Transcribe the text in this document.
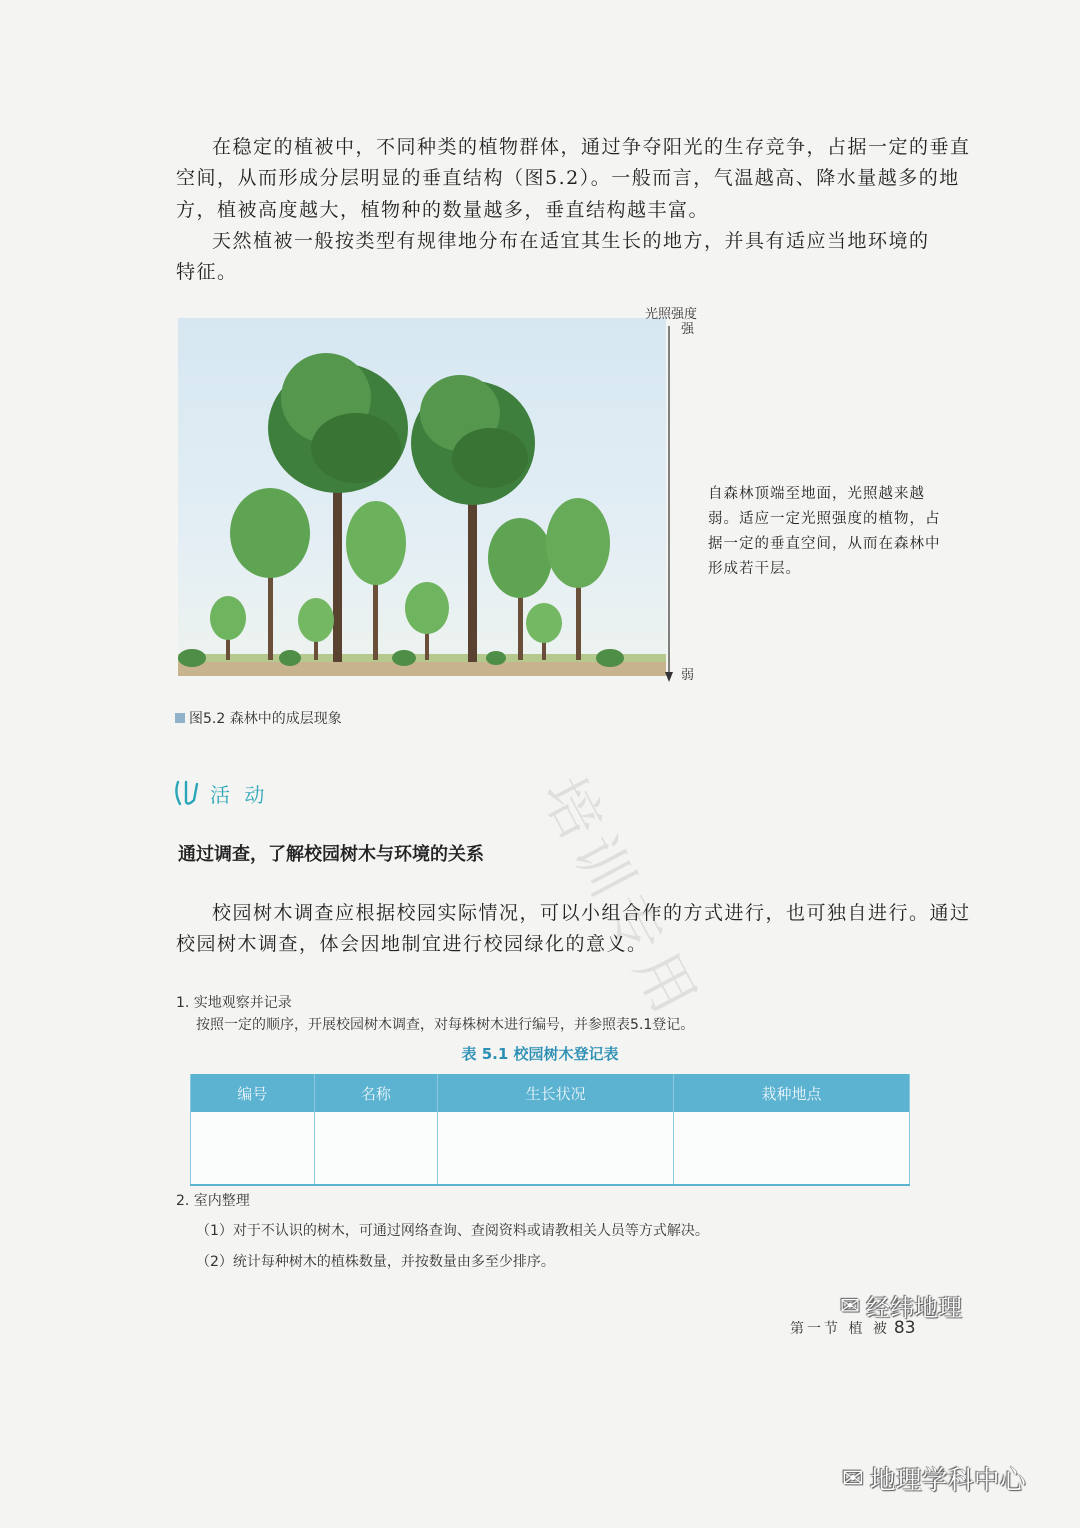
在稳定的植被中，不同种类的植物群体，通过争夺阳光的生存竞争，占据一定的垂直

空间，从而形成分层明显的垂直结构（图5.2）。一般而言，气温越高、降水量越多的地

方，植被高度越大，植物种的数量越多，垂直结构越丰富。

天然植被一般按类型有规律地分布在适宜其生长的地方，并具有适应当地环境的

特征。

光照强度
强
弱

自森林顶端至地面，光照越来越弱。适应一定光照强度的植物，占据一定的垂直空间，从而在森林中形成若干层。

图5.2 森林中的成层现象
培训专用
活 动
通过调查，了解校园树木与环境的关系

校园树木调查应根据校园实际情况，可以小组合作的方式进行，也可独自进行。通过

校园树木调查，体会因地制宜进行校园绿化的意义。

1. 实地观察并记录
按照一定的顺序，开展校园树木调查，对每株树木进行编号，并参照表5.1登记。
表 5.1 校园树木登记表
编号	名称	生长状况	栽种地点

2. 室内整理
（1）对于不认识的树木，可通过网络查询、查阅资料或请教相关人员等方式解决。
（2）统计每种树木的植株数量，并按数量由多至少排序。
✉ 经纬地理
第一节 植 被 83
✉ 地理学科中心
